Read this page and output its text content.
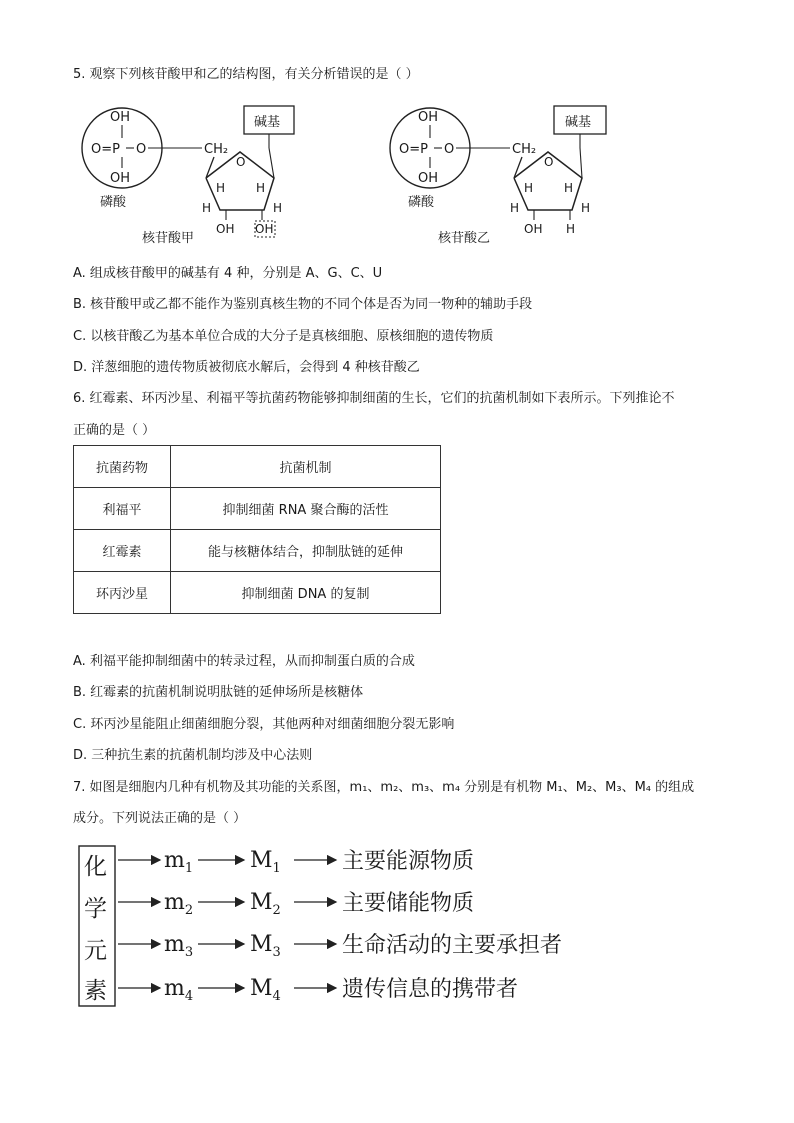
5. 观察下列核苷酸甲和乙的结构图，有关分析错误的是（ ）
OH
O=P O
OH
磷酸
CH₂
碱基
O
H	H
H	H
OH OH
核苷酸甲
OH
O=P O
OH
磷酸
CH₂
碱基
O
H	H
H	H
OH H
核苷酸乙
A. 组成核苷酸甲的碱基有 4 种，分别是 A、G、C、U
B. 核苷酸甲或乙都不能作为鉴别真核生物的不同个体是否为同一物种的辅助手段
C. 以核苷酸乙为基本单位合成的大分子是真核细胞、原核细胞的遗传物质
D. 洋葱细胞的遗传物质被彻底水解后，会得到 4 种核苷酸乙
6. 红霉素、环丙沙星、利福平等抗菌药物能够抑制细菌的生长，它们的抗菌机制如下表所示。下列推论不
正确的是（ ）
抗菌药物	抗菌机制
利福平	抑制细菌 RNA 聚合酶的活性
红霉素	能与核糖体结合，抑制肽链的延伸
环丙沙星	抑制细菌 DNA 的复制
A. 利福平能抑制细菌中的转录过程，从而抑制蛋白质的合成
B. 红霉素的抗菌机制说明肽链的延伸场所是核糖体
C. 环丙沙星能阻止细菌细胞分裂，其他两种对细菌细胞分裂无影响
D. 三种抗生素的抗菌机制均涉及中心法则
7. 如图是细胞内几种有机物及其功能的关系图，m₁、m₂、m₃、m₄ 分别是有机物 M₁、M₂、M₃、M₄ 的组成
成分。下列说法正确的是（ ）
化
学
元
素
$m_1$	$M_1$	主要能源物质
$m_2$	$M_2$	主要储能物质
$m_3$	$M_3$	生命活动的主要承担者
$m_4$	$M_4$	遗传信息的携带者
